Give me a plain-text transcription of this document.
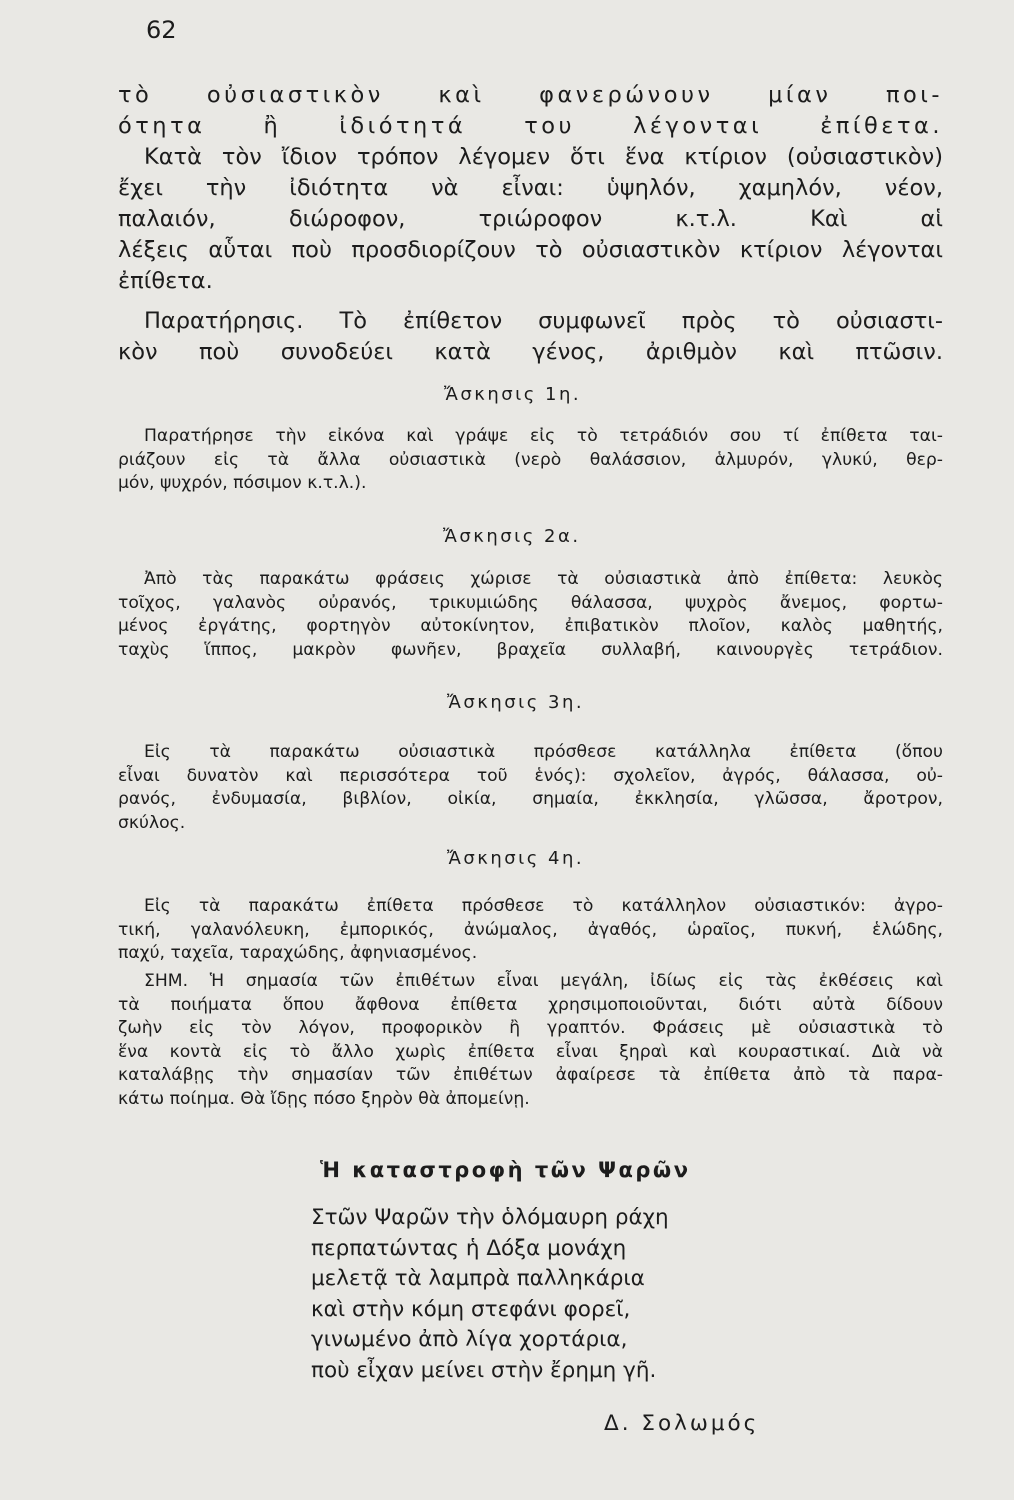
62
τὸ οὐσιαστικὸν καὶ φανερώνουν μίαν ποι-
ότητα ἢ ἰδιότητά του λέγονται ἐπίθετα.
Κατὰ τὸν ἴδιον τρόπον λέγομεν ὅτι ἕνα κτίριον (οὐσιαστικὸν)
ἔχει τὴν ἰδιότητα νὰ εἶναι: ὑψηλόν, χαμηλόν, νέον,
παλαιόν, διώροφον, τριώροφον κ.τ.λ. Καὶ αἱ
λέξεις αὗται ποὺ προσδιορίζουν τὸ οὐσιαστικὸν κτίριον λέγονται
ἐπίθετα.
Παρατήρησις. Τὸ ἐπίθετον συμφωνεῖ πρὸς τὸ οὐσιαστι-
κὸν ποὺ συνοδεύει κατὰ γένος, ἀριθμὸν καὶ πτῶσιν.
Ἄσκησις 1η.
Παρατήρησε τὴν εἰκόνα καὶ γράψε εἰς τὸ τετράδιόν σου τί ἐπίθετα ται-
ριάζουν εἰς τὰ ἄλλα οὐσιαστικὰ (νερὸ θαλάσσιον, ἁλμυρόν, γλυκύ, θερ-
μόν, ψυχρόν, πόσιμον κ.τ.λ.).
Ἄσκησις 2α.
Ἀπὸ τὰς παρακάτω φράσεις χώρισε τὰ οὐσιαστικὰ ἀπὸ ἐπίθετα: λευκὸς
τοῖχος, γαλανὸς οὐρανός, τρικυμιώδης θάλασσα, ψυχρὸς ἄνεμος, φορτω-
μένος ἐργάτης, φορτηγὸν αὐτοκίνητον, ἐπιβατικὸν πλοῖον, καλὸς μαθητής,
ταχὺς ἵππος, μακρὸν φωνῆεν, βραχεῖα συλλαβή, καινουργὲς τετράδιον.
Ἄσκησις 3η.
Εἰς τὰ παρακάτω οὐσιαστικὰ πρόσθεσε κατάλληλα ἐπίθετα (ὅπου
εἶναι δυνατὸν καὶ περισσότερα τοῦ ἑνός): σχολεῖον, ἀγρός, θάλασσα, οὐ-
ρανός, ἐνδυμασία, βιβλίον, οἰκία, σημαία, ἐκκλησία, γλῶσσα, ἄροτρον,
σκύλος.
Ἄσκησις 4η.
Εἰς τὰ παρακάτω ἐπίθετα πρόσθεσε τὸ κατάλληλον οὐσιαστικόν: ἀγρο-
τική, γαλανόλευκη, ἐμπορικός, ἀνώμαλος, ἀγαθός, ὡραῖος, πυκνή, ἑλώδης,
παχύ, ταχεῖα, ταραχώδης, ἀφηνιασμένος.
ΣΗΜ. Ἡ σημασία τῶν ἐπιθέτων εἶναι μεγάλη, ἰδίως εἰς τὰς ἐκθέσεις καὶ
τὰ ποιήματα ὅπου ἄφθονα ἐπίθετα χρησιμοποιοῦνται, διότι αὐτὰ δίδουν
ζωὴν εἰς τὸν λόγον, προφορικὸν ἢ γραπτόν. Φράσεις μὲ οὐσιαστικὰ τὸ
ἕνα κοντὰ εἰς τὸ ἄλλο χωρὶς ἐπίθετα εἶναι ξηραὶ καὶ κουραστικαί. Διὰ νὰ
καταλάβῃς τὴν σημασίαν τῶν ἐπιθέτων ἀφαίρεσε τὰ ἐπίθετα ἀπὸ τὰ παρα-
κάτω ποίημα. Θὰ ἴδῃς πόσο ξηρὸν θὰ ἀπομείνῃ.
Ἡ καταστροφὴ τῶν Ψαρῶν
Στῶν Ψαρῶν τὴν ὁλόμαυρη ράχη
περπατώντας ἡ Δόξα μονάχη
μελετᾷ τὰ λαμπρὰ παλληκάρια
καὶ στὴν κόμη στεφάνι φορεῖ,
γινωμένο ἀπὸ λίγα χορτάρια,
ποὺ εἶχαν μείνει στὴν ἔρημη γῆ.
Δ. Σολωμός
